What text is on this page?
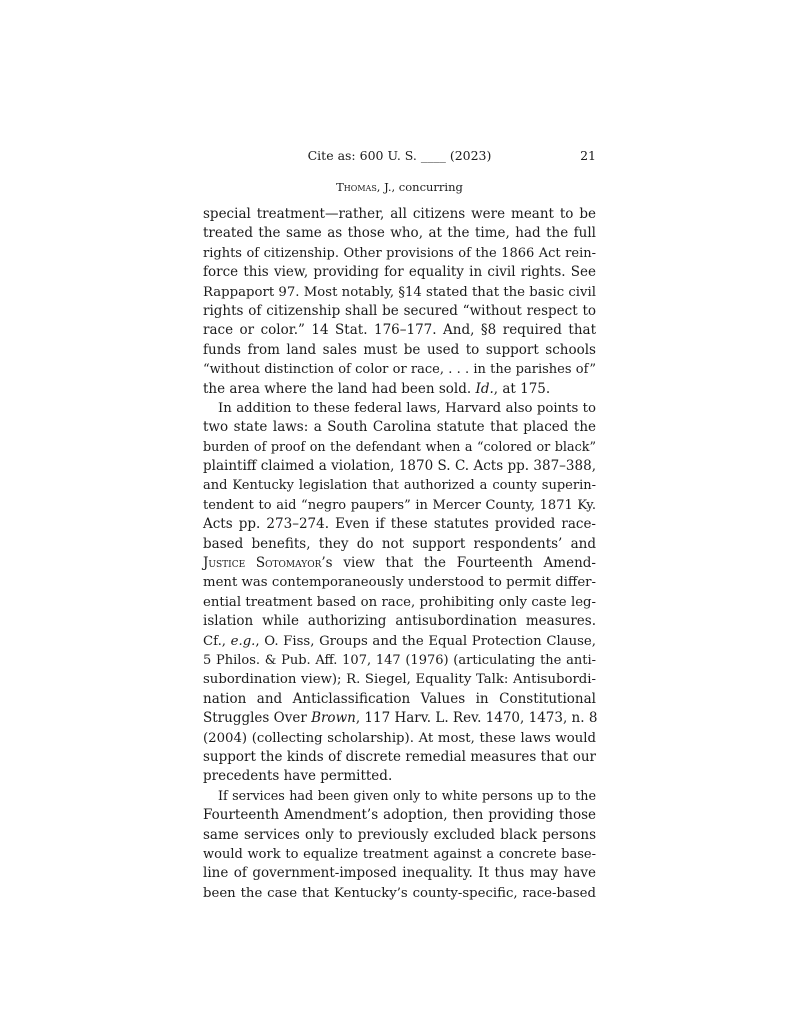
Cite as: 600 U. S. ____ (2023)	21
Thomas, J., concurring
special treatment—rather, all citizens were meant to be
treated the same as those who, at the time, had the full
rights of citizenship. Other provisions of the 1866 Act rein-
force this view, providing for equality in civil rights. See
Rappaport 97. Most notably, §14 stated that the basic civil
rights of citizenship shall be secured “without respect to
race or color.” 14 Stat. 176–177. And, §8 required that
funds from land sales must be used to support schools
“without distinction of color or race, . . . in the parishes of”
the area where the land had been sold. Id., at 175.
In addition to these federal laws, Harvard also points to
two state laws: a South Carolina statute that placed the
burden of proof on the defendant when a “colored or black”
plaintiff claimed a violation, 1870 S. C. Acts pp. 387–388,
and Kentucky legislation that authorized a county superin-
tendent to aid “negro paupers” in Mercer County, 1871 Ky.
Acts pp. 273–274. Even if these statutes provided race-
based benefits, they do not support respondents’ and
Justice Sotomayor’s view that the Fourteenth Amend-
ment was contemporaneously understood to permit differ-
ential treatment based on race, prohibiting only caste leg-
islation while authorizing antisubordination measures.
Cf., e.g., O. Fiss, Groups and the Equal Protection Clause,
5 Philos. & Pub. Aff. 107, 147 (1976) (articulating the anti-
subordination view); R. Siegel, Equality Talk: Antisubordi-
nation and Anticlassification Values in Constitutional
Struggles Over Brown, 117 Harv. L. Rev. 1470, 1473, n. 8
(2004) (collecting scholarship). At most, these laws would
support the kinds of discrete remedial measures that our
precedents have permitted.
If services had been given only to white persons up to the
Fourteenth Amendment’s adoption, then providing those
same services only to previously excluded black persons
would work to equalize treatment against a concrete base-
line of government-imposed inequality. It thus may have
been the case that Kentucky’s county-specific, race-based
